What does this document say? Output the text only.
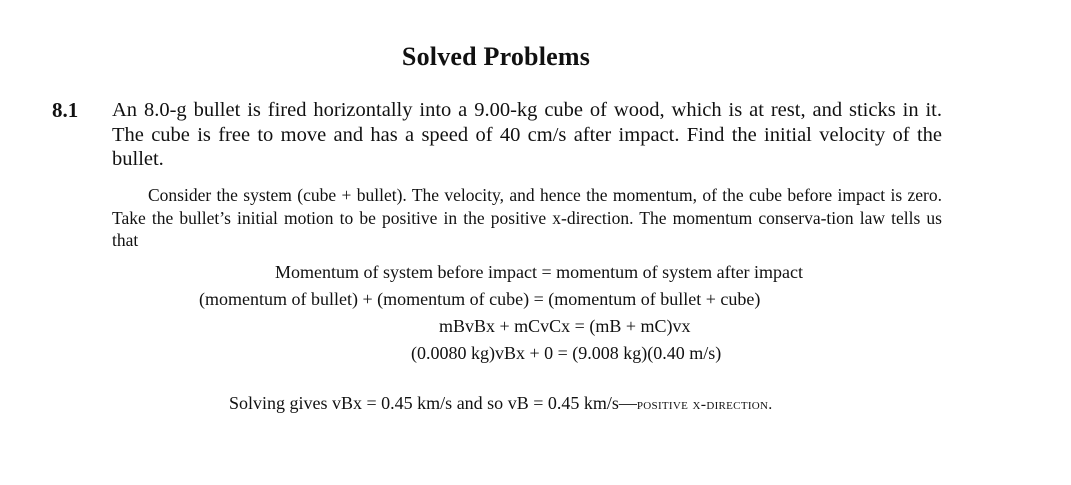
Solved Problems
8.1 An 8.0-g bullet is fired horizontally into a 9.00-kg cube of wood, which is at rest, and sticks in it. The cube is free to move and has a speed of 40 cm/s after impact. Find the initial velocity of the bullet.
Consider the system (cube + bullet). The velocity, and hence the momentum, of the cube before impact is zero. Take the bullet’s initial motion to be positive in the positive x-direction. The momentum conserva-tion law tells us that
Momentum of system before impact = momentum of system after impact
(momentum of bullet) + (momentum of cube) = (momentum of bullet + cube)
mBvBx + mCvCx = (mB + mC)vx
(0.0080 kg)vBx + 0 = (9.008 kg)(0.40 m/s)
Solving gives vBx = 0.45 km/s and so vB = 0.45 km/s—positive x-direction.
